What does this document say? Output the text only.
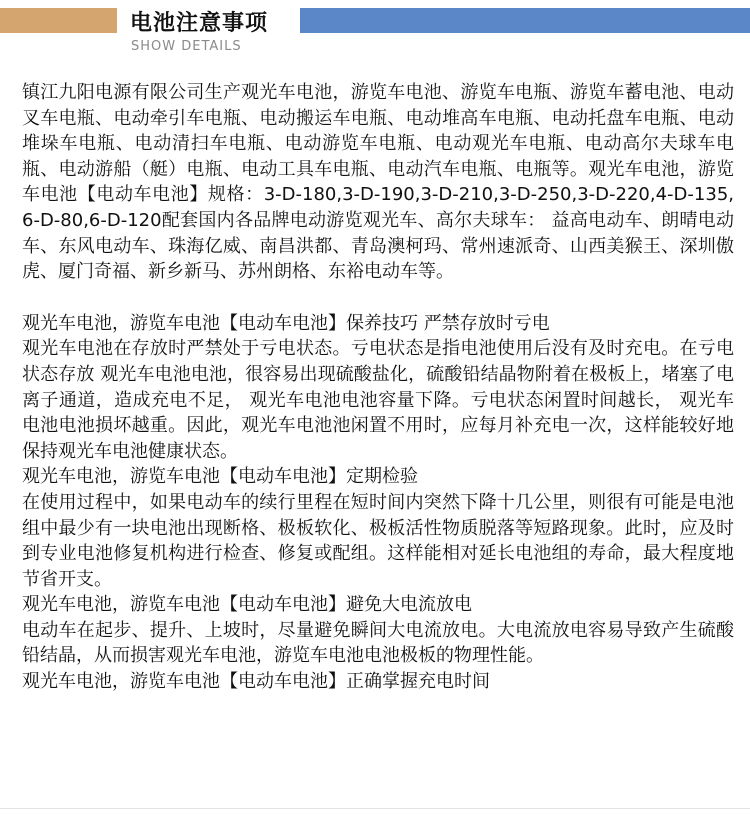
电池注意事项
SHOW DETAILS

镇江九阳电源有限公司生产观光车电池，游览车电池、游览车电瓶、游览车蓄电池、电动叉车电瓶、电动牵引车电瓶、电动搬运车电瓶、电动堆高车电瓶、电动托盘车电瓶、电动堆垛车电瓶、电动清扫车电瓶、电动游览车电瓶、电动观光车电瓶、电动高尔夫球车电瓶、电动游船（艇）电瓶、电动工具车电瓶、电动汽车电瓶、电瓶等。观光车电池，游览车电池【电动车电池】规格：3-D-180,3-D-190,3-D-210,3-D-250,3-D-220,4-D-135,6-D-80,6-D-120配套国内各品牌电动游览观光车、高尔夫球车： 益高电动车、朗晴电动车、东风电动车、珠海亿威、南昌洪都、青岛澳柯玛、常州速派奇、山西美猴王、深圳傲虎、厦门奇福、新乡新马、苏州朗格、东裕电动车等。

观光车电池，游览车电池【电动车电池】保养技巧 严禁存放时亏电

观光车电池在存放时严禁处于亏电状态。亏电状态是指电池使用后没有及时充电。在亏电状态存放 观光车电池电池，很容易出现硫酸盐化，硫酸铅结晶物附着在极板上，堵塞了电离子通道，造成充电不足， 观光车电池电池容量下降。亏电状态闲置时间越长， 观光车电池电池损坏越重。因此，观光车电池池闲置不用时，应每月补充电一次，这样能较好地保持观光车电池健康状态。

观光车电池，游览车电池【电动车电池】定期检验

在使用过程中，如果电动车的续行里程在短时间内突然下降十几公里，则很有可能是电池组中最少有一块电池出现断格、极板软化、极板活性物质脱落等短路现象。此时，应及时到专业电池修复机构进行检查、修复或配组。这样能相对延长电池组的寿命，最大程度地节省开支。

观光车电池，游览车电池【电动车电池】避免大电流放电

电动车在起步、提升、上坡时，尽量避免瞬间大电流放电。大电流放电容易导致产生硫酸铅结晶，从而损害观光车电池，游览车电池电池极板的物理性能。

观光车电池，游览车电池【电动车电池】正确掌握充电时间
